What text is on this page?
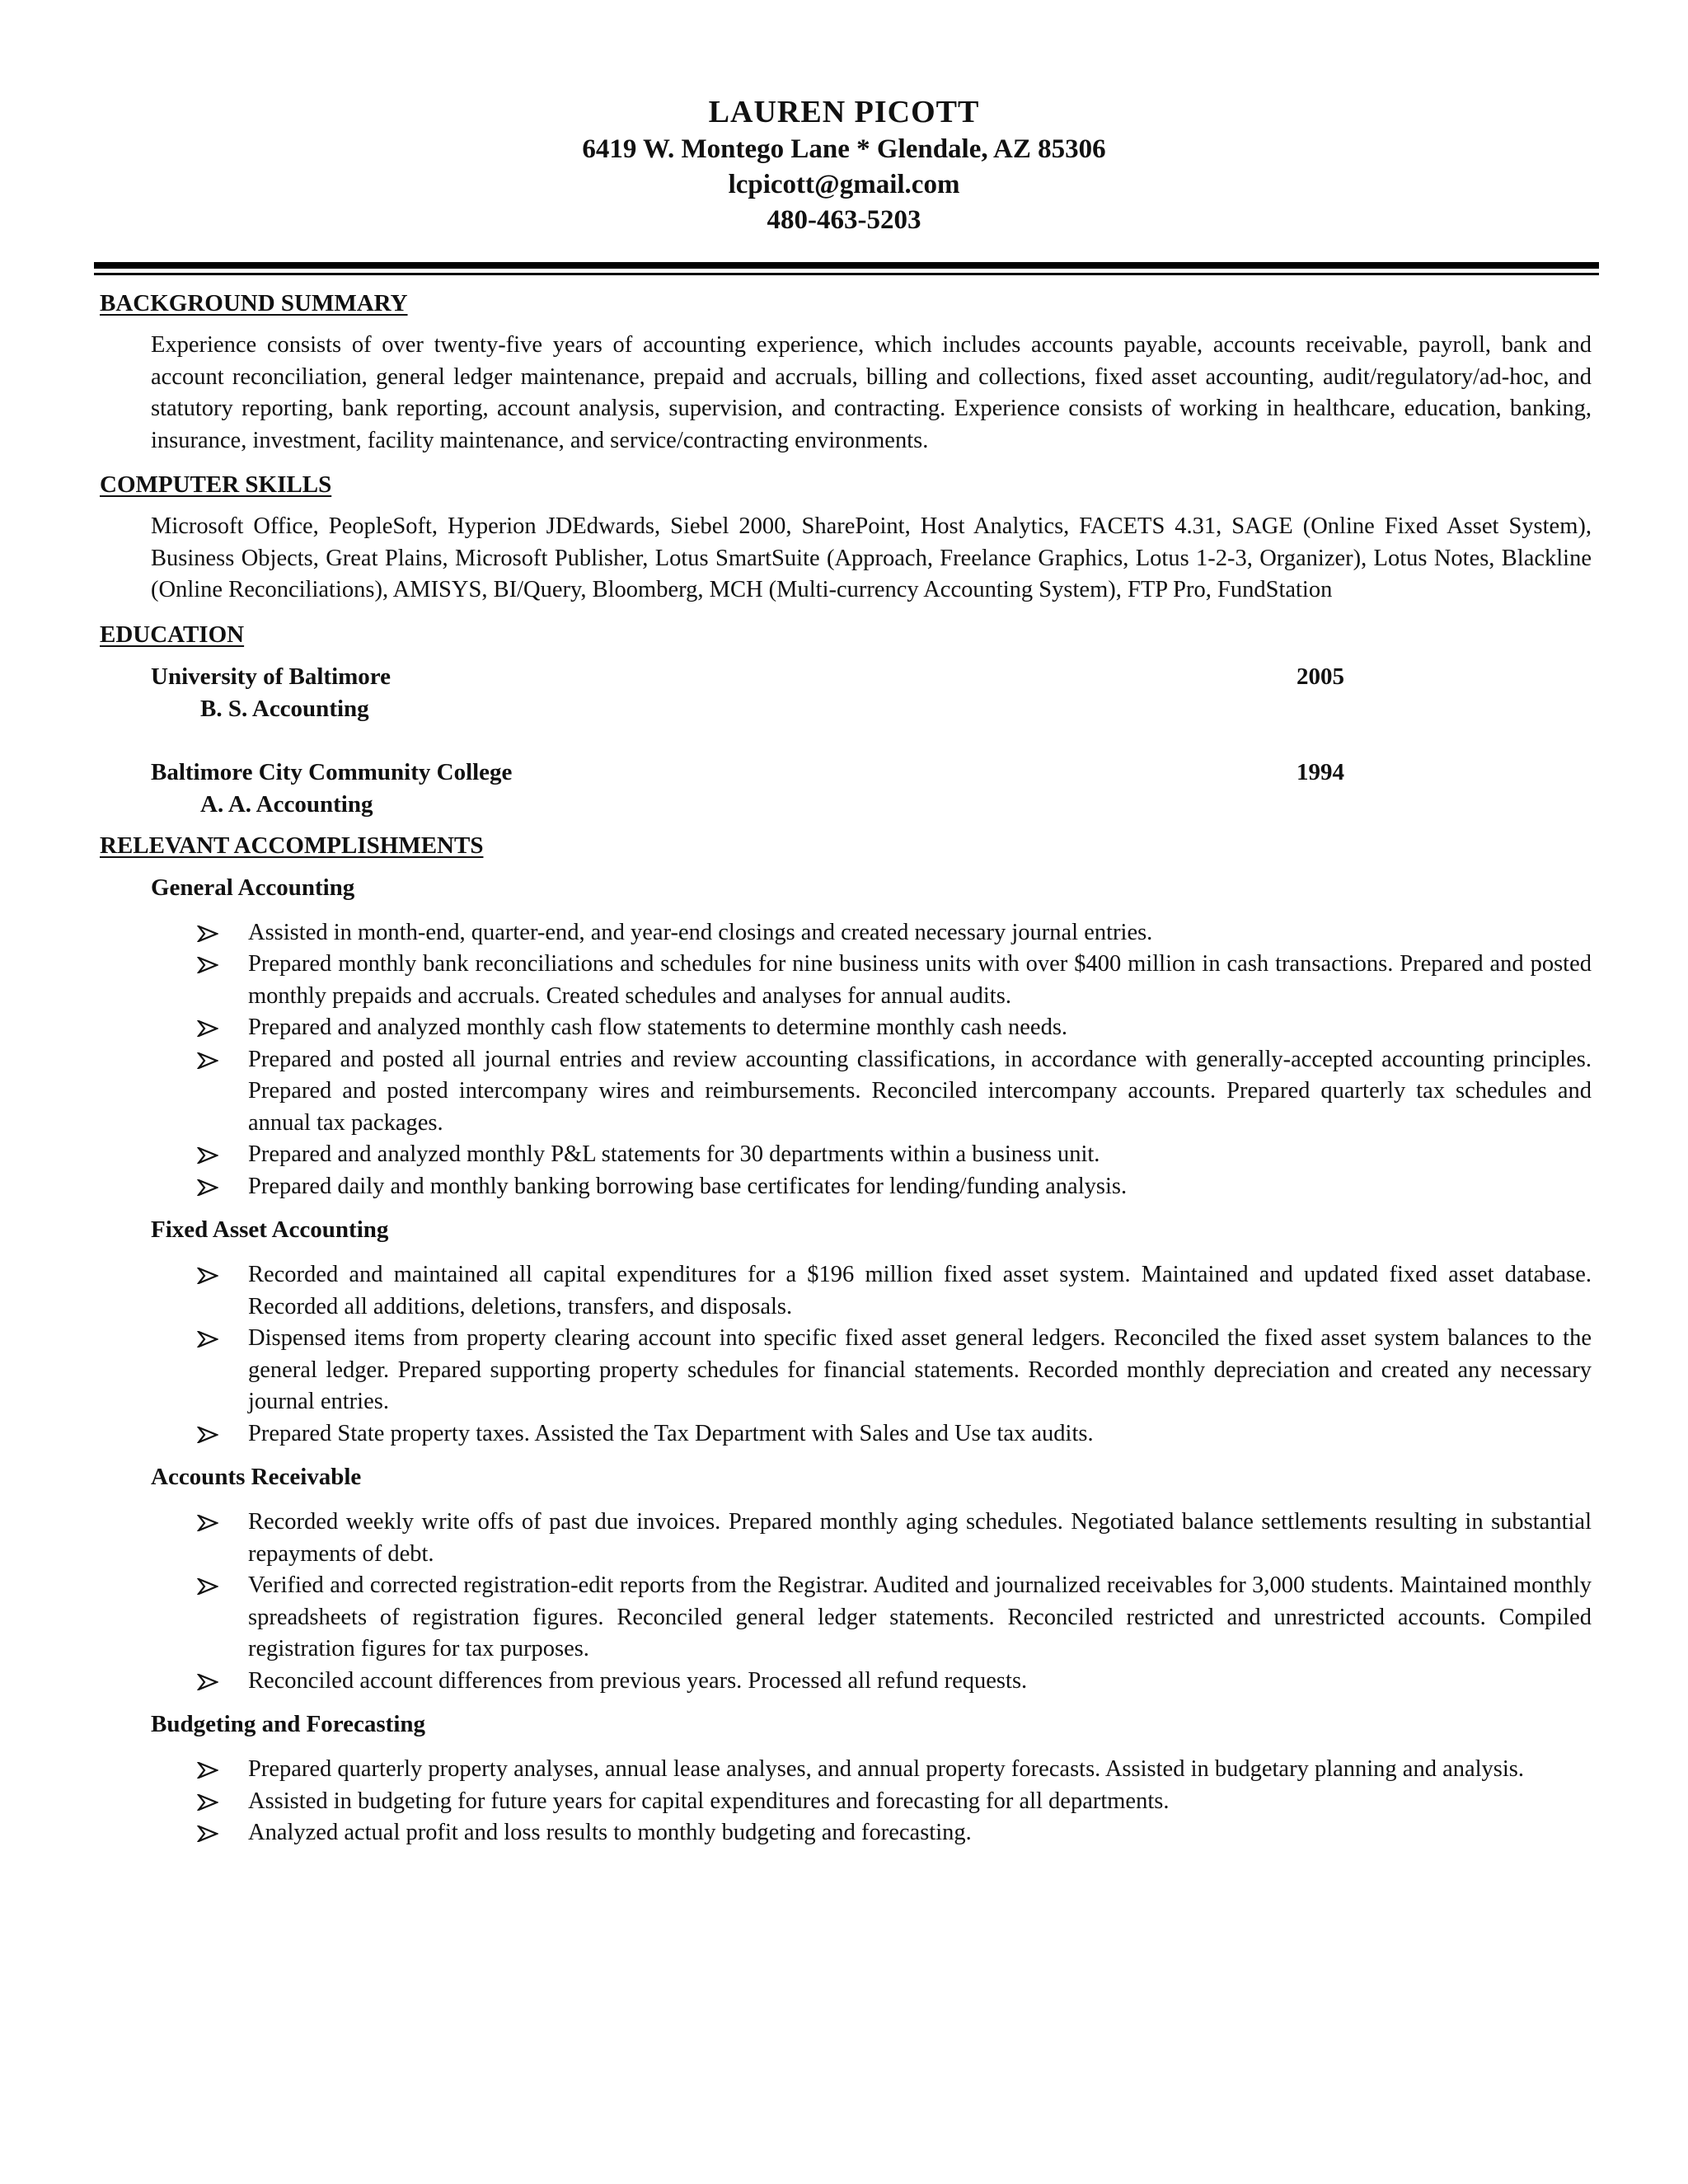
LAUREN PICOTT
6419 W. Montego Lane * Glendale, AZ 85306
lcpicott@gmail.com
480-463-5203
BACKGROUND SUMMARY

Experience consists of over twenty-five years of accounting experience, which includes accounts payable, accounts receivable, payroll, bank and account reconciliation, general ledger maintenance, prepaid and accruals, billing and collections, fixed asset accounting, audit/regulatory/ad-hoc, and statutory reporting, bank reporting, account analysis, supervision, and contracting. Experience consists of working in healthcare, education, banking, insurance, investment, facility maintenance, and service/contracting environments.

COMPUTER SKILLS

Microsoft Office, PeopleSoft, Hyperion JDEdwards, Siebel 2000, SharePoint, Host Analytics, FACETS 4.31, SAGE (Online Fixed Asset System), Business Objects, Great Plains, Microsoft Publisher, Lotus SmartSuite (Approach, Freelance Graphics, Lotus 1-2-3, Organizer), Lotus Notes, Blackline (Online Reconciliations), AMISYS, BI/Query, Bloomberg, MCH (Multi-currency Accounting System), FTP Pro, FundStation

EDUCATION
University of Baltimore	2005
B. S. Accounting
Baltimore City Community College	1994
A. A. Accounting
RELEVANT ACCOMPLISHMENTS
General Accounting
Assisted in month-end, quarter-end, and year-end closings and created necessary journal entries.
Prepared monthly bank reconciliations and schedules for nine business units with over $400 million in cash transactions. Prepared and posted monthly prepaids and accruals. Created schedules and analyses for annual audits.
Prepared and analyzed monthly cash flow statements to determine monthly cash needs.
Prepared and posted all journal entries and review accounting classifications, in accordance with generally-accepted accounting principles. Prepared and posted intercompany wires and reimbursements. Reconciled intercompany accounts. Prepared quarterly tax schedules and annual tax packages.
Prepared and analyzed monthly P&L statements for 30 departments within a business unit.
Prepared daily and monthly banking borrowing base certificates for lending/funding analysis.
Fixed Asset Accounting
Recorded and maintained all capital expenditures for a $196 million fixed asset system. Maintained and updated fixed asset database. Recorded all additions, deletions, transfers, and disposals.
Dispensed items from property clearing account into specific fixed asset general ledgers. Reconciled the fixed asset system balances to the general ledger. Prepared supporting property schedules for financial statements. Recorded monthly depreciation and created any necessary journal entries.
Prepared State property taxes. Assisted the Tax Department with Sales and Use tax audits.
Accounts Receivable
Recorded weekly write offs of past due invoices. Prepared monthly aging schedules. Negotiated balance settlements resulting in substantial repayments of debt.
Verified and corrected registration-edit reports from the Registrar. Audited and journalized receivables for 3,000 students. Maintained monthly spreadsheets of registration figures. Reconciled general ledger statements. Reconciled restricted and unrestricted accounts. Compiled registration figures for tax purposes.
Reconciled account differences from previous years. Processed all refund requests.
Budgeting and Forecasting
Prepared quarterly property analyses, annual lease analyses, and annual property forecasts. Assisted in budgetary planning and analysis.
Assisted in budgeting for future years for capital expenditures and forecasting for all departments.
Analyzed actual profit and loss results to monthly budgeting and forecasting.
